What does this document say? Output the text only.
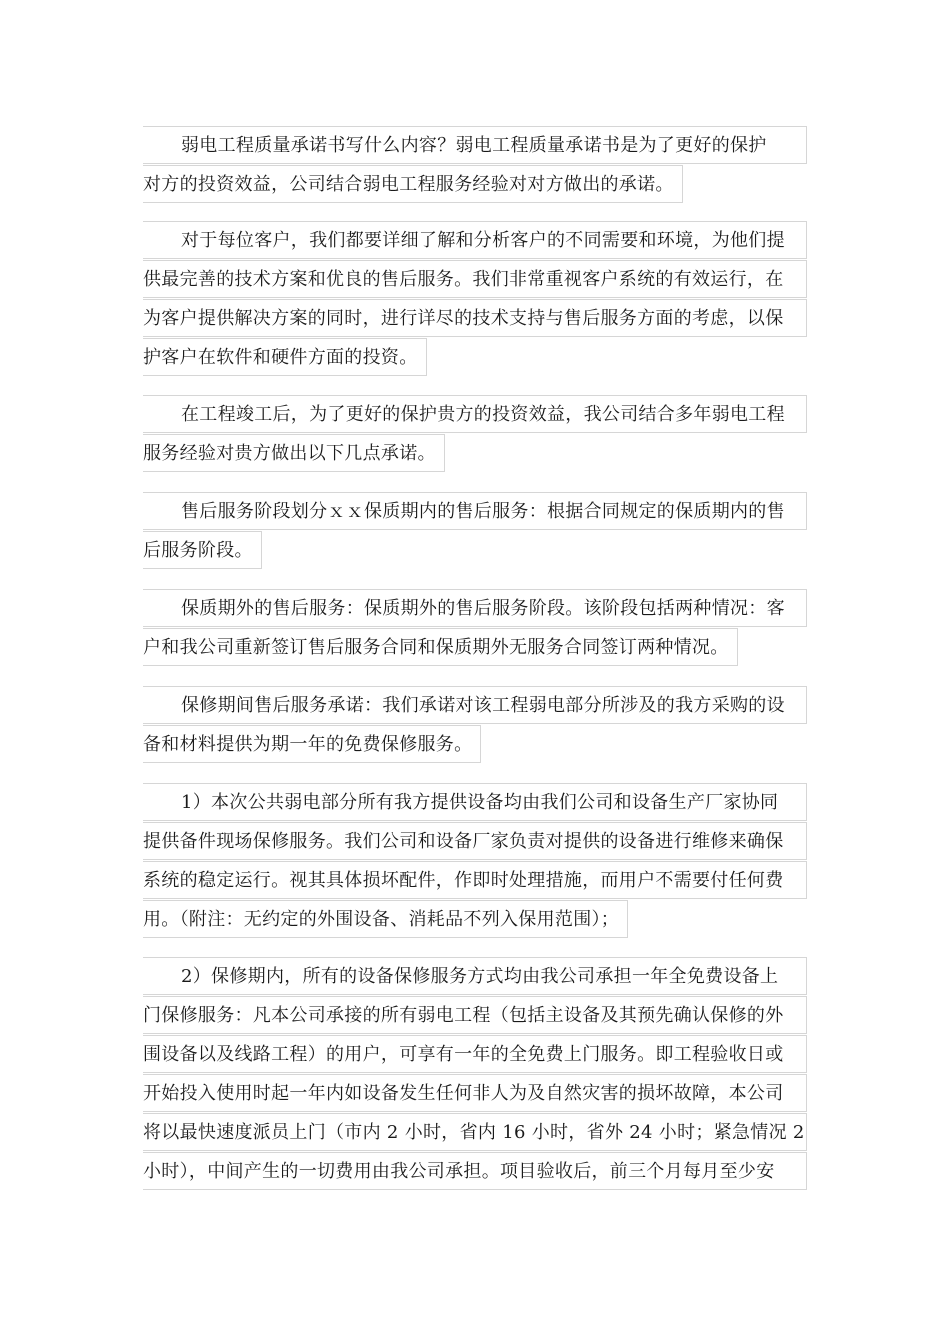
弱电工程质量承诺书写什么内容？弱电工程质量承诺书是为了更好的保护
对方的投资效益，公司结合弱电工程服务经验对对方做出的承诺。
对于每位客户，我们都要详细了解和分析客户的不同需要和环境，为他们提
供最完善的技术方案和优良的售后服务。我们非常重视客户系统的有效运行，在
为客户提供解决方案的同时，进行详尽的技术支持与售后服务方面的考虑，以保
护客户在软件和硬件方面的投资。
在工程竣工后，为了更好的保护贵方的投资效益，我公司结合多年弱电工程
服务经验对贵方做出以下几点承诺。
售后服务阶段划分ｘｘ保质期内的售后服务：根据合同规定的保质期内的售
后服务阶段。
保质期外的售后服务：保质期外的售后服务阶段。该阶段包括两种情况：客
户和我公司重新签订售后服务合同和保质期外无服务合同签订两种情况。
保修期间售后服务承诺：我们承诺对该工程弱电部分所涉及的我方采购的设
备和材料提供为期一年的免费保修服务。
1）本次公共弱电部分所有我方提供设备均由我们公司和设备生产厂家协同
提供备件现场保修服务。我们公司和设备厂家负责对提供的设备进行维修来确保
系统的稳定运行。视其具体损坏配件，作即时处理措施，而用户不需要付任何费
用。（附注：无约定的外围设备、消耗品不列入保用范围）；
2）保修期内，所有的设备保修服务方式均由我公司承担一年全免费设备上
门保修服务：凡本公司承接的所有弱电工程（包括主设备及其预先确认保修的外
围设备以及线路工程）的用户，可享有一年的全免费上门服务。即工程验收日或
开始投入使用时起一年内如设备发生任何非人为及自然灾害的损坏故障，本公司
将以最快速度派员上门（市内 2 小时，省内 16 小时，省外 24 小时；紧急情况 2
小时），中间产生的一切费用由我公司承担。项目验收后，前三个月每月至少安
